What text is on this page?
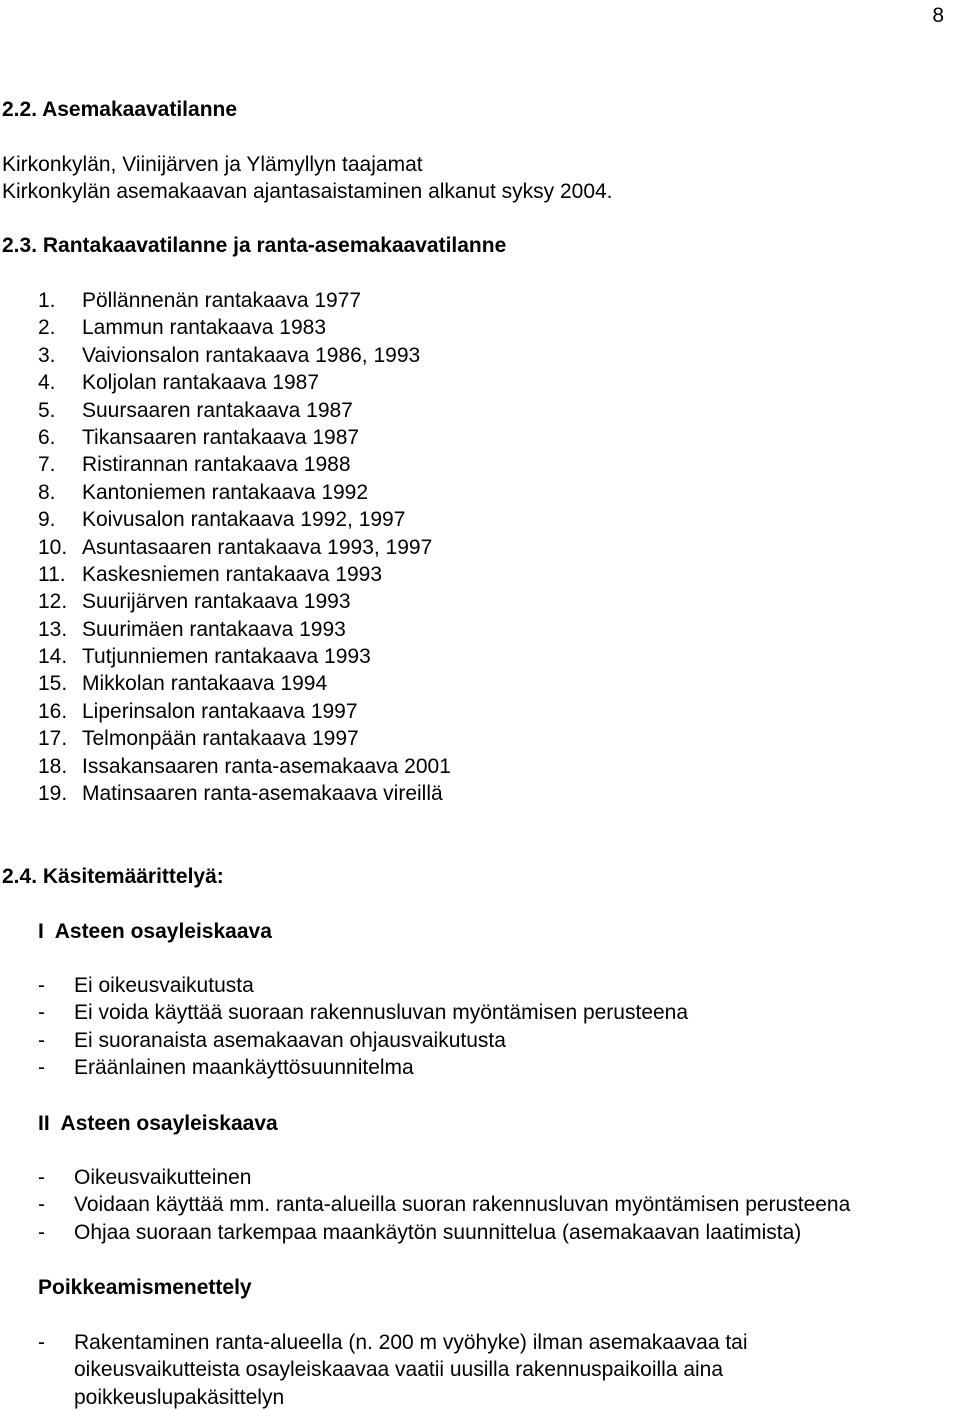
8
2.2. Asemakaavatilanne
Kirkonkylän, Viinijärven ja Ylämyllyn taajamat
Kirkonkylän asemakaavan ajantasaistaminen alkanut syksy 2004.
2.3. Rantakaavatilanne ja ranta-asemakaavatilanne
1.	Pöllännenän rantakaava 1977
2.	Lammun rantakaava 1983
3.	Vaivionsalon rantakaava 1986, 1993
4.	Koljolan rantakaava 1987
5.	Suursaaren rantakaava 1987
6.	Tikansaaren rantakaava 1987
7.	Ristirannan rantakaava 1988
8.	Kantoniemen rantakaava 1992
9.	Koivusalon rantakaava 1992, 1997
10. Asuntasaaren rantakaava 1993, 1997
11. Kaskesniemen rantakaava 1993
12. Suurijärven rantakaava 1993
13. Suurimäen rantakaava 1993
14. Tutjunniemen rantakaava 1993
15. Mikkolan rantakaava 1994
16. Liperinsalon rantakaava 1997
17. Telmonpään rantakaava 1997
18. Issakansaaren ranta-asemakaava 2001
19. Matinsaaren ranta-asemakaava vireillä
2.4. Käsitemäärittelyä:
I  Asteen osayleiskaava
-	Ei oikeusvaikutusta
-	Ei voida käyttää suoraan rakennusluvan myöntämisen perusteena
-	Ei suoranaista asemakaavan ohjausvaikutusta
-	Eräänlainen maankäyttösuunnitelma
II  Asteen osayleiskaava
-	Oikeusvaikutteinen
-	Voidaan käyttää mm. ranta-alueilla suoran rakennusluvan myöntämisen perusteena
-	Ohjaa suoraan tarkempaa maankäytön suunnittelua (asemakaavan laatimista)
Poikkeamismenettely
-	Rakentaminen ranta-alueella (n. 200 m vyöhyke) ilman asemakaavaa tai
oikeusvaikutteista osayleiskaavaa vaatii uusilla rakennuspaikoilla aina
poikkeuslupakäsittelyn
